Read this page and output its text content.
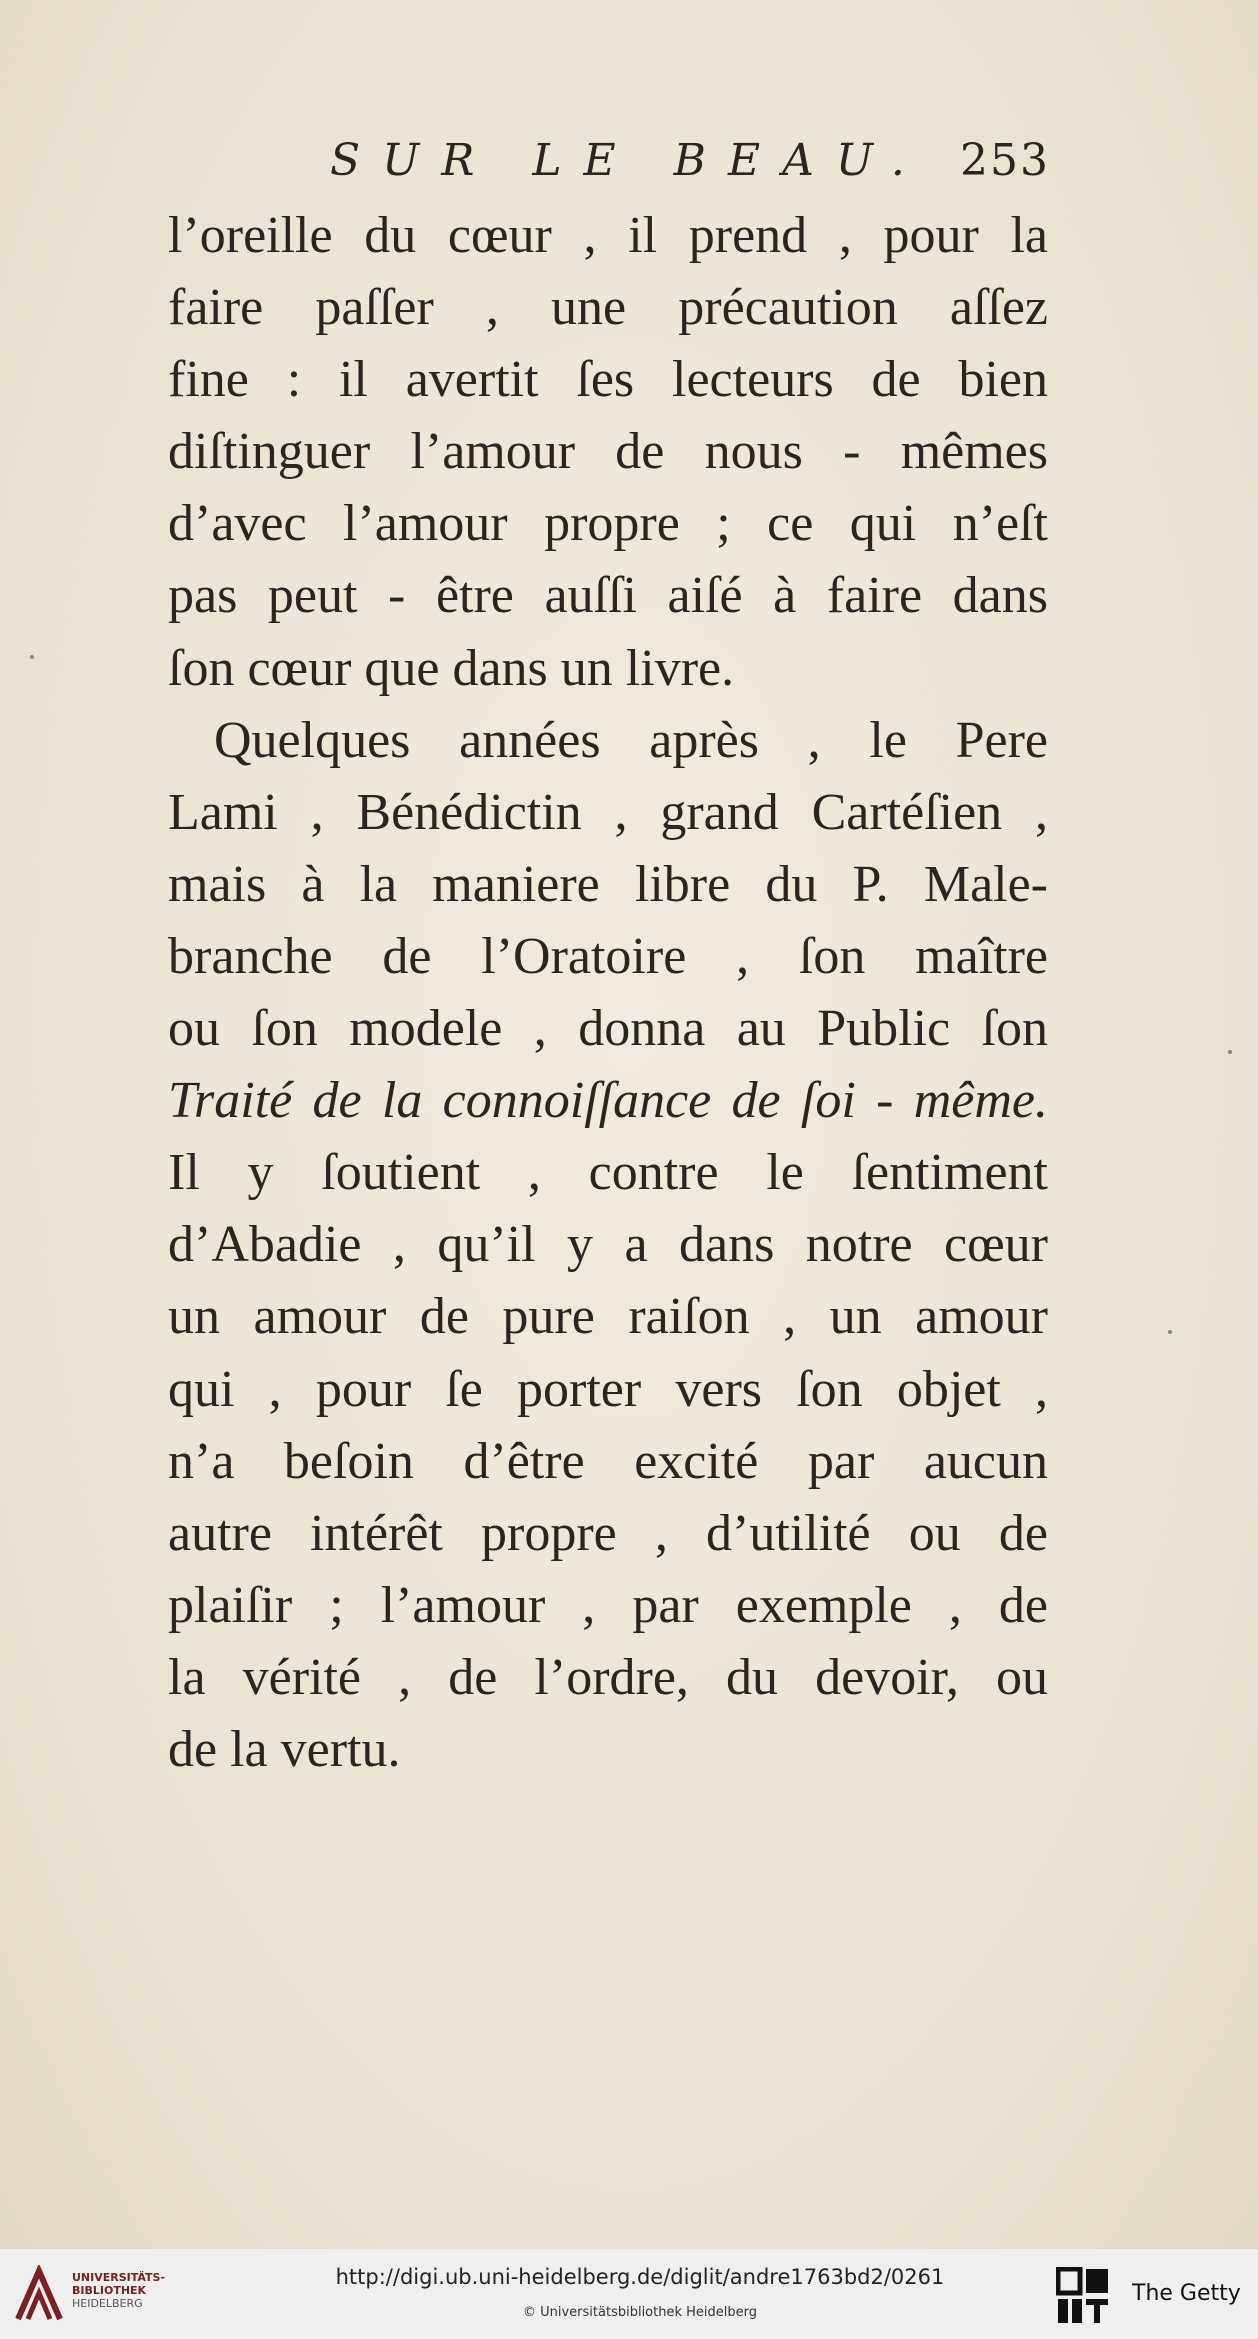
SUR LE BEAU. 253
l’oreille du cœur , il prend , pour la
faire paſſer , une précaution aſſez
fine : il avertit ſes lecteurs de bien
diſtinguer l’amour de nous - mêmes
d’avec l’amour propre ; ce qui n’eſt
pas peut - être auſſi aiſé à faire dans
ſon cœur que dans un livre.
Quelques années après , le Pere
Lami , Bénédictin , grand Cartéſien ,
mais à la maniere libre du P. Male-
branche de l’Oratoire , ſon maître
ou ſon modele , donna au Public ſon
Traité de la connoiſſance de ſoi - même.
Il y ſoutient , contre le ſentiment
d’Abadie , qu’il y a dans notre cœur
un amour de pure raiſon , un amour
qui , pour ſe porter vers ſon objet ,
n’a beſoin d’être excité par aucun
autre intérêt propre , d’utilité ou de
plaiſir ; l’amour , par exemple , de
la vérité , de l’ordre, du devoir, ou
de la vertu.
UNIVERSITÄTS-
BIBLIOTHEK
HEIDELBERG
http://digi.ub.uni-heidelberg.de/diglit/andre1763bd2/0261
© Universitätsbibliothek Heidelberg
The Getty
